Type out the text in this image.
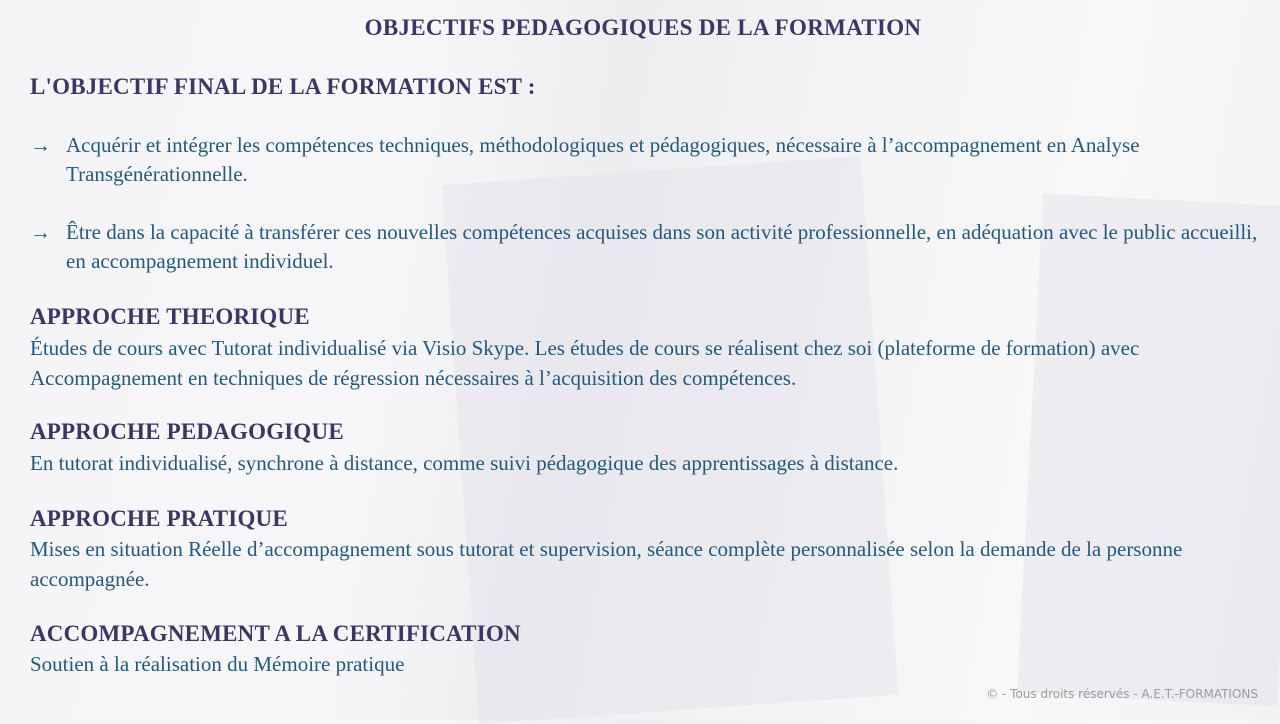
OBJECTIFS PEDAGOGIQUES DE LA FORMATION
L'OBJECTIF FINAL DE LA FORMATION EST :
→ Acquérir et intégrer les compétences techniques, méthodologiques et pédagogiques, nécessaire à l’accompagnement en Analyse Transgénérationnelle.
→ Être dans la capacité à transférer ces nouvelles compétences acquises dans son activité professionnelle, en adéquation avec le public accueilli, en accompagnement individuel.
APPROCHE THEORIQUE
Études de cours avec Tutorat individualisé via Visio Skype. Les études de cours se réalisent chez soi (plateforme de formation) avec Accompagnement en techniques de régression nécessaires à l’acquisition des compétences.
APPROCHE PEDAGOGIQUE
En tutorat individualisé, synchrone à distance, comme suivi pédagogique des apprentissages à distance.
APPROCHE PRATIQUE
Mises en situation Réelle d’accompagnement sous tutorat et supervision, séance complète personnalisée selon la demande de la personne accompagnée.
ACCOMPAGNEMENT A LA CERTIFICATION
Soutien à la réalisation du Mémoire pratique
© - Tous droits réservés - A.E.T.-FORMATIONS
